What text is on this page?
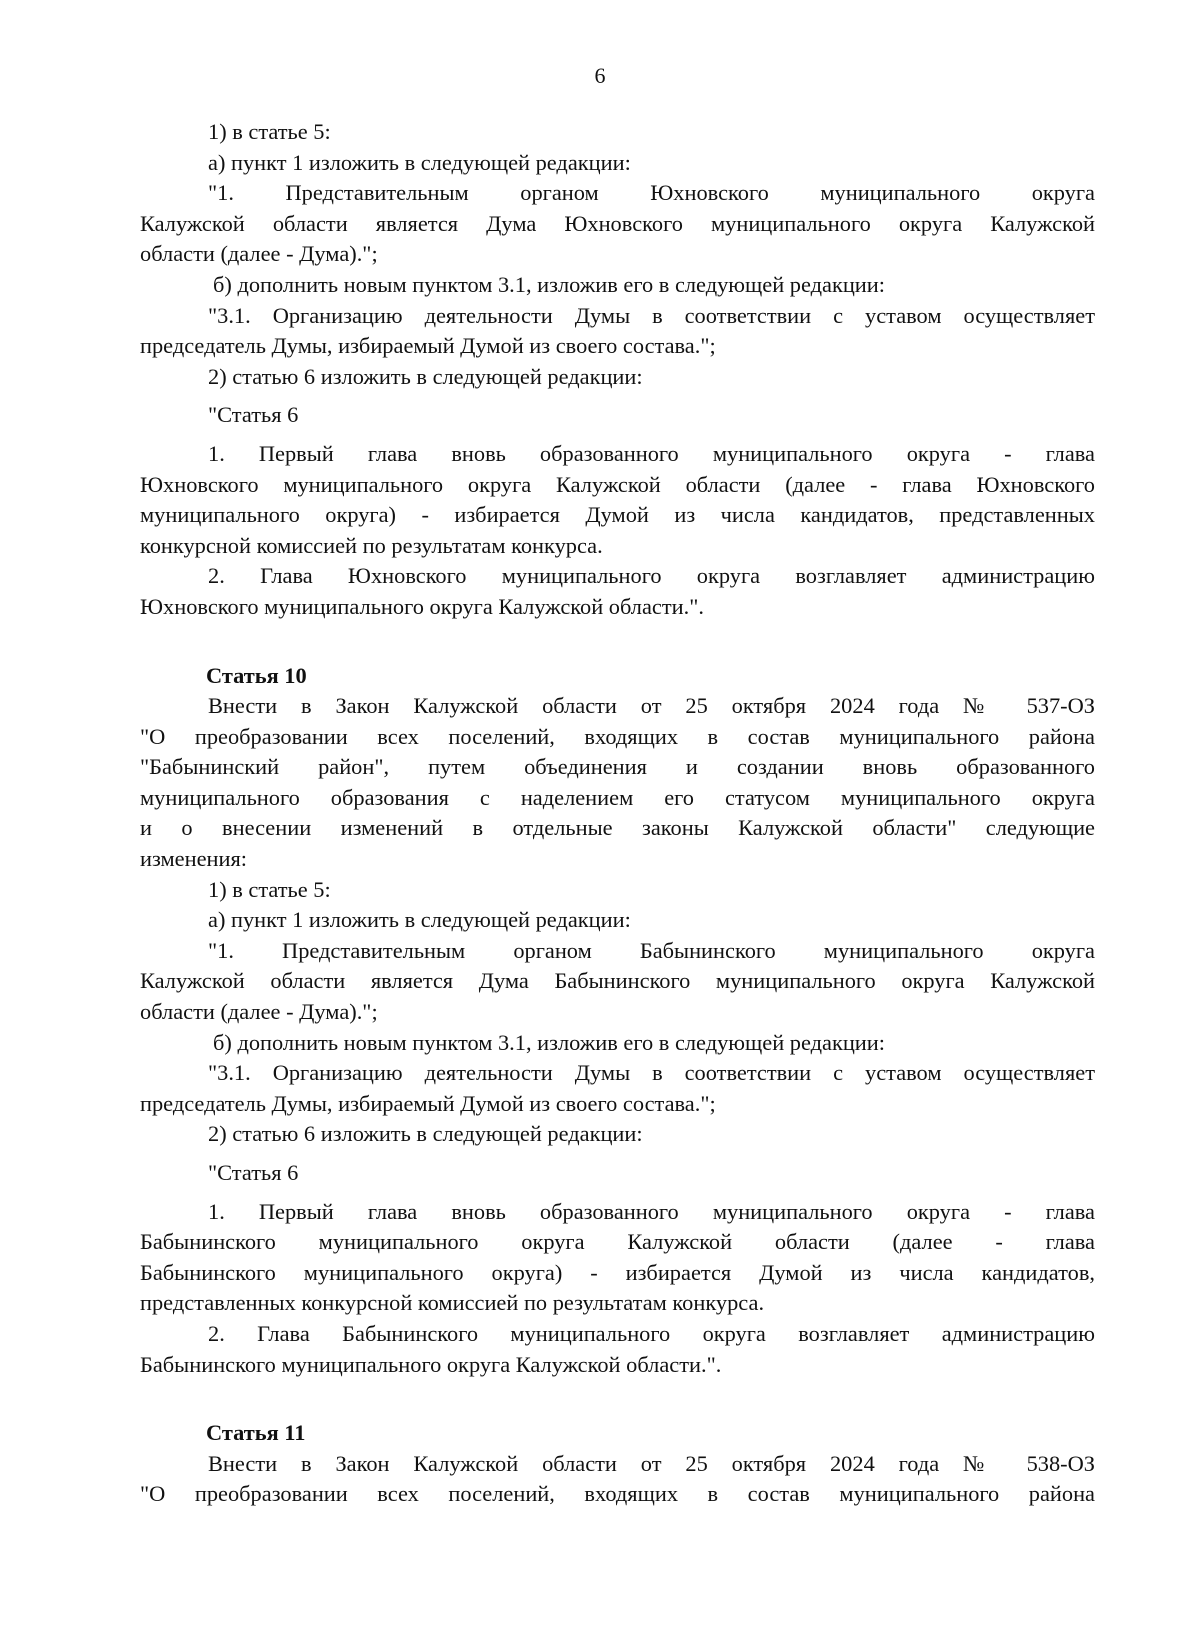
6

1) в статье 5:

а) пункт 1 изложить в следующей редакции:

"1. Представительным органом Юхновского муниципального округа

Калужской области является Дума Юхновского муниципального округа Калужской

области (далее - Дума).";

б) дополнить новым пунктом 3.1, изложив его в следующей редакции:

"3.1. Организацию деятельности Думы в соответствии с уставом осуществляет

председатель Думы, избираемый Думой из своего состава.";

2) статью 6 изложить в следующей редакции:

"Статья 6

1. Первый глава вновь образованного муниципального округа - глава

Юхновского муниципального округа Калужской области (далее - глава Юхновского

муниципального округа) - избирается Думой из числа кандидатов, представленных

конкурсной комиссией по результатам конкурса.

2. Глава Юхновского муниципального округа возглавляет администрацию

Юхновского муниципального округа Калужской области.".

Статья 10

Внести в Закон Калужской области от 25 октября 2024 года № 537-ОЗ

"О преобразовании всех поселений, входящих в состав муниципального района

"Бабынинский район", путем объединения и создании вновь образованного

муниципального образования с наделением его статусом муниципального округа

и о внесении изменений в отдельные законы Калужской области" следующие

изменения:

1) в статье 5:

а) пункт 1 изложить в следующей редакции:

"1. Представительным органом Бабынинского муниципального округа

Калужской области является Дума Бабынинского муниципального округа Калужской

области (далее - Дума).";

б) дополнить новым пунктом 3.1, изложив его в следующей редакции:

"3.1. Организацию деятельности Думы в соответствии с уставом осуществляет

председатель Думы, избираемый Думой из своего состава.";

2) статью 6 изложить в следующей редакции:

"Статья 6

1. Первый глава вновь образованного муниципального округа - глава

Бабынинского муниципального округа Калужской области (далее - глава

Бабынинского муниципального округа) - избирается Думой из числа кандидатов,

представленных конкурсной комиссией по результатам конкурса.

2. Глава Бабынинского муниципального округа возглавляет администрацию

Бабынинского муниципального округа Калужской области.".

Статья 11

Внести в Закон Калужской области от 25 октября 2024 года № 538-ОЗ

"О преобразовании всех поселений, входящих в состав муниципального района
